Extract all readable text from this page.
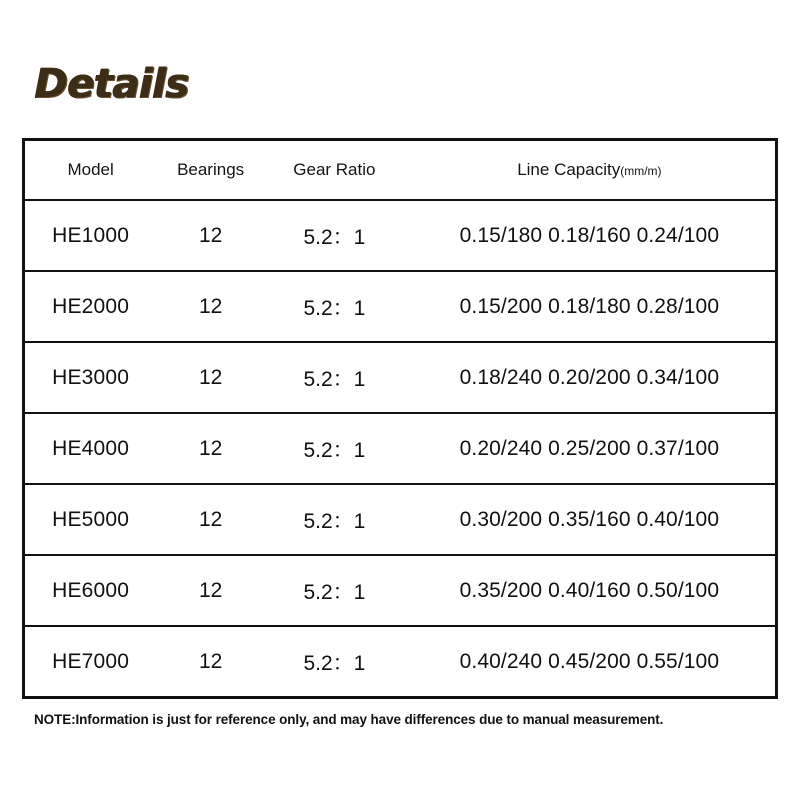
Details
Model	Bearings	Gear Ratio	Line Capacity(mm/m)
HE1000	12	5.2：1	0.15/180 0.18/160 0.24/100
HE2000	12	5.2：1	0.15/200 0.18/180 0.28/100
HE3000	12	5.2：1	0.18/240 0.20/200 0.34/100
HE4000	12	5.2：1	0.20/240 0.25/200 0.37/100
HE5000	12	5.2：1	0.30/200 0.35/160 0.40/100
HE6000	12	5.2：1	0.35/200 0.40/160 0.50/100
HE7000	12	5.2：1	0.40/240 0.45/200 0.55/100
NOTE:Information is just for reference only, and may have differences due to manual measurement.
